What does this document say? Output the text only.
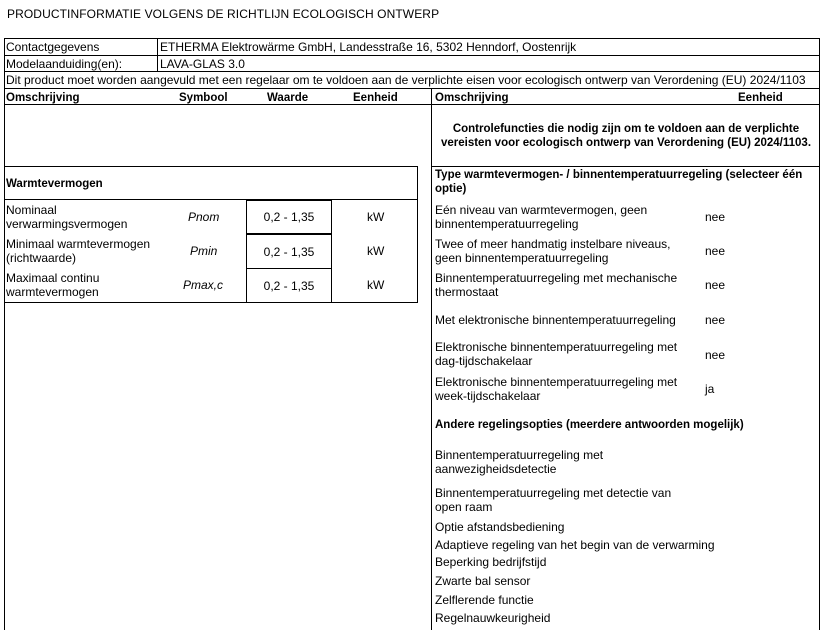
PRODUCTINFORMATIE VOLGENS DE RICHTLIJN ECOLOGISCH ONTWERP
Contactgegevens	ETHERMA Elektrowärme GmbH, Landesstraße 16, 5302 Henndorf, Oostenrijk
Modelaanduiding(en):	LAVA-GLAS 3.0
Dit product moet worden aangevuld met een regelaar om te voldoen aan de verplichte eisen voor ecologisch ontwerp van Verordening (EU) 2024/1103
Omschrijving	Symbool	Waarde	Eenheid	Omschrijving	Eenheid
Controlefuncties die nodig zijn om te voldoen aan de verplichte
vereisten voor ecologisch ontwerp van Verordening (EU) 2024/1103.
Warmtevermogen
Nominaal
verwarmingsvermogen	Pnom	0,2 - 1,35	kW
Minimaal warmtevermogen
(richtwaarde)	Pmin	0,2 - 1,35	kW
Maximaal continu
warmtevermogen	Pmax,c	0,2 - 1,35	kW
Type warmtevermogen- / binnentemperatuurregeling (selecteer één
optie)
Eén niveau van warmtevermogen, geen
binnentemperatuurregeling	nee
Twee of meer handmatig instelbare niveaus,
geen binnentemperatuurregeling	nee
Binnentemperatuurregeling met mechanische
thermostaat	nee
Met elektronische binnentemperatuurregeling nee
Elektronische binnentemperatuurregeling met
dag-tijdschakelaar	nee
Elektronische binnentemperatuurregeling met
week-tijdschakelaar	ja
Andere regelingsopties (meerdere antwoorden mogelijk)
Binnentemperatuurregeling met
aanwezigheidsdetectie
Binnentemperatuurregeling met detectie van
open raam
Optie afstandsbediening
Adaptieve regeling van het begin van de verwarming
Beperking bedrijfstijd
Zwarte bal sensor
Zelflerende functie
Regelnauwkeurigheid
